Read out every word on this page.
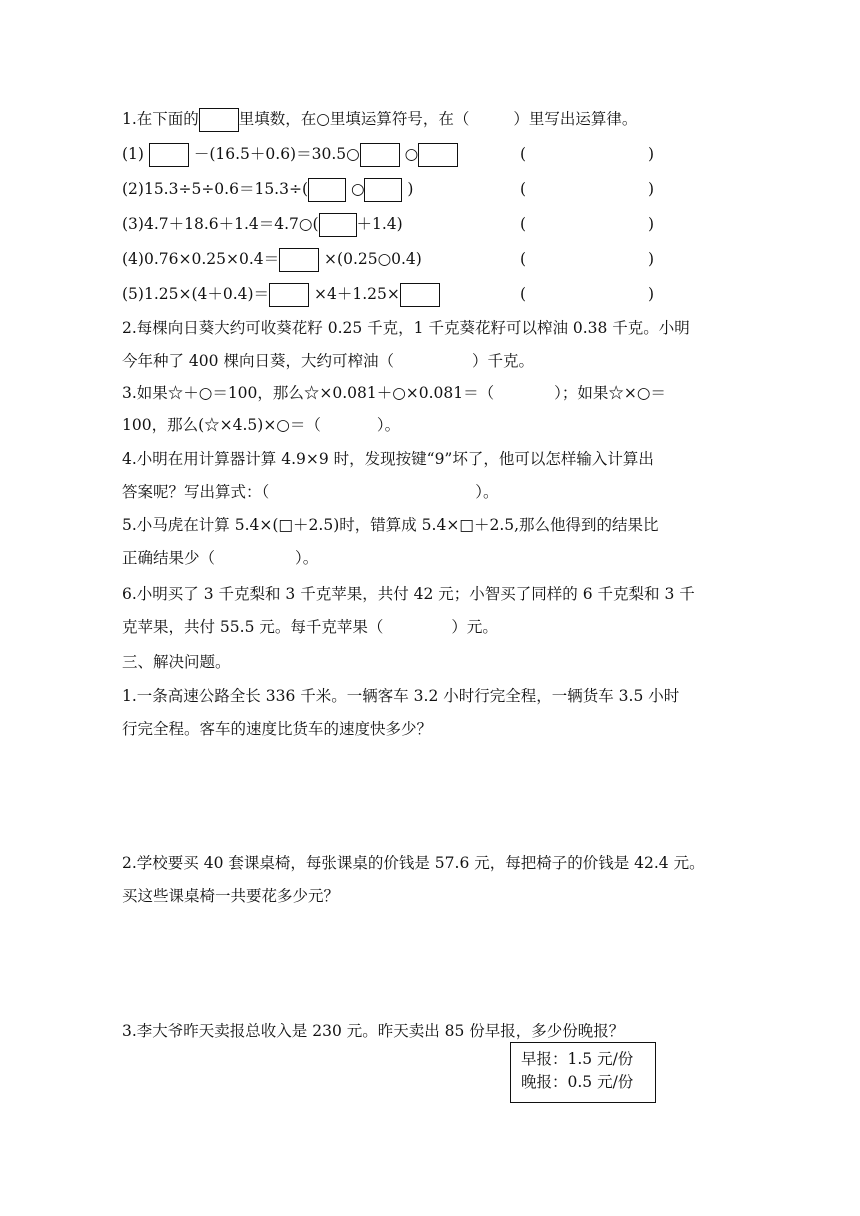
1.在下面的	里填数，在○里填运算符号，在（	）里写出运算律。
(1)	－(16.5＋0.6)＝30.5○	○	(	)
(2)15.3÷5÷0.6＝15.3÷(	○	)	(	)
(3)4.7＋18.6＋1.4＝4.7○( ＋1.4)	(	)
(4)0.76×0.25×0.4＝	×(0.25○0.4)	(	)
(5)1.25×(4＋0.4)＝	×4＋1.25×	(	)
2.每棵向日葵大约可收葵花籽 0.25 千克，1 千克葵花籽可以榨油 0.38 千克。小明
今年种了 400 棵向日葵，大约可榨油（	）千克。
3.如果☆＋○＝100，那么☆×0.081＋○×0.081＝（	）；如果☆×○＝
100，那么(☆×4.5)×○＝（	）。
4.小明在用计算器计算 4.9×9 时，发现按键“9”坏了，他可以怎样输入计算出
答案呢？写出算式：（	）。
5.小马虎在计算 5.4×(□＋2.5)时，错算成 5.4×□＋2.5,那么他得到的结果比
正确结果少（	）。
6.小明买了 3 千克梨和 3 千克苹果，共付 42 元；小智买了同样的 6 千克梨和 3 千
克苹果，共付 55.5 元。每千克苹果（	）元。
三、解决问题。
1.一条高速公路全长 336 千米。一辆客车 3.2 小时行完全程，一辆货车 3.5 小时
行完全程。客车的速度比货车的速度快多少？
2.学校要买 40 套课桌椅，每张课桌的价钱是 57.6 元，每把椅子的价钱是 42.4 元。
买这些课桌椅一共要花多少元？
3.李大爷昨天卖报总收入是 230 元。昨天卖出 85 份早报，多少份晚报？
早报：1.5 元/份
晚报：0.5 元/份
